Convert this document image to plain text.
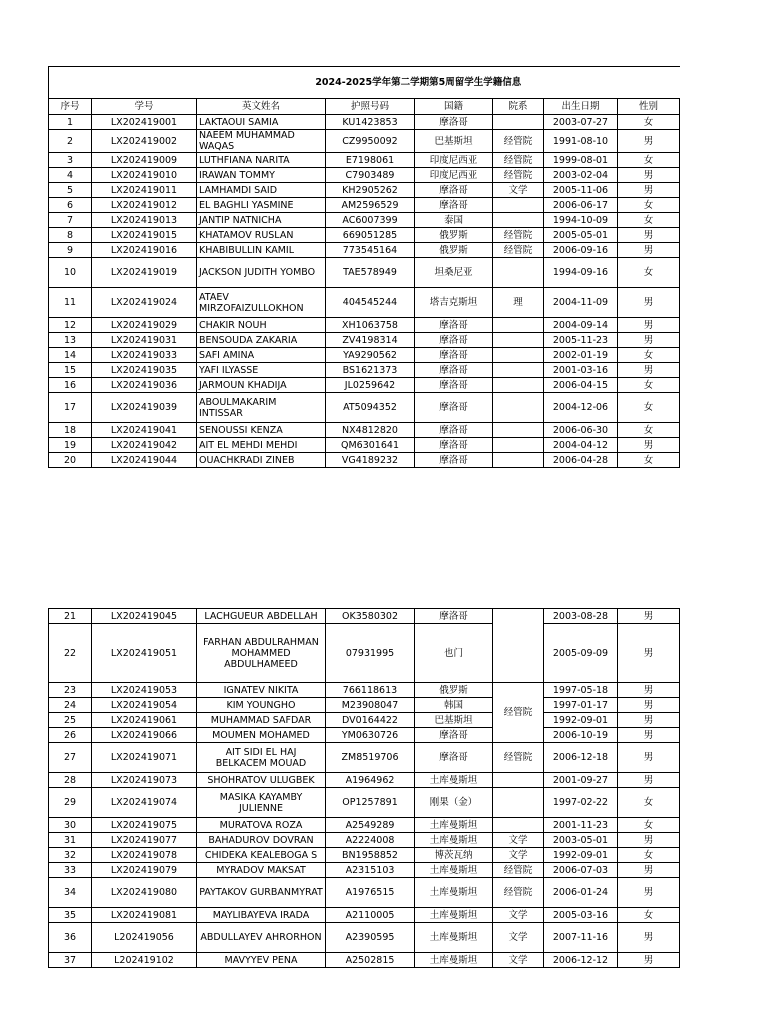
2024-2025学年第二学期第5周留学生学籍信息							
序号	学号	英文姓名	护照号码	国籍	院系	出生日期	性别
1	LX202419001	LAKTAOUI SAMIA	KU1423853	摩洛哥		2003-07-27	女
2	LX202419002	NAEEM MUHAMMAD WAQAS	CZ9950092	巴基斯坦	经管院	1991-08-10	男
3	LX202419009	LUTHFIANA NARITA	E7198061	印度尼西亚	经管院	1999-08-01	女
4	LX202419010	IRAWAN TOMMY	C7903489	印度尼西亚	经管院	2003-02-04	男
5	LX202419011	LAMHAMDI SAID	KH2905262	摩洛哥	文学	2005-11-06	男
6	LX202419012	EL BAGHLI YASMINE	AM2596529	摩洛哥		2006-06-17	女
7	LX202419013	JANTIP NATNICHA	AC6007399	泰国		1994-10-09	女
8	LX202419015	KHATAMOV RUSLAN	669051285	俄罗斯	经管院	2005-05-01	男
9	LX202419016	KHABIBULLIN KAMIL	773545164	俄罗斯	经管院	2006-09-16	男
10	LX202419019	JACKSON JUDITH YOMBO	TAE578949	坦桑尼亚		1994-09-16	女
11	LX202419024	ATAEV MIRZOFAIZULLOKHON	404545244	塔吉克斯坦	理	2004-11-09	男
12	LX202419029	CHAKIR NOUH	XH1063758	摩洛哥		2004-09-14	男
13	LX202419031	BENSOUDA ZAKARIA	ZV4198314	摩洛哥		2005-11-23	男
14	LX202419033	SAFI AMINA	YA9290562	摩洛哥		2002-01-19	女
15	LX202419035	YAFI ILYASSE	BS1621373	摩洛哥		2001-03-16	男
16	LX202419036	JARMOUN KHADIJA	JL0259642	摩洛哥		2006-04-15	女
17	LX202419039	ABOULMAKARIM INTISSAR	AT5094352	摩洛哥		2004-12-06	女
18	LX202419041	SENOUSSI KENZA	NX4812820	摩洛哥		2006-06-30	女
19	LX202419042	AIT EL MEHDI MEHDI	QM6301641	摩洛哥		2004-04-12	男
20	LX202419044	OUACHKRADI ZINEB	VG4189232	摩洛哥		2006-04-28	女
21	LX202419045	LACHGUEUR ABDELLAH	OK3580302	摩洛哥		2003-08-28	男
22	LX202419051	FARHAN ABDULRAHMAN MOHAMMED ABDULHAMEED	07931995	也门		2005-09-09	男
23	LX202419053	IGNATEV NIKITA	766118613	俄罗斯	经管院	1997-05-18	男
24	LX202419054	KIM YOUNGHO	M23908047	韩国		1997-01-17	男
25	LX202419061	MUHAMMAD SAFDAR	DV0164422	巴基斯坦		1992-09-01	男
26	LX202419066	MOUMEN MOHAMED	YM0630726	摩洛哥		2006-10-19	男
27	LX202419071	AIT SIDI EL HAJ BELKACEM MOUAD	ZM8519706	摩洛哥	经管院	2006-12-18	男
28	LX202419073	SHOHRATOV ULUGBEK	A1964962	土库曼斯坦		2001-09-27	男
29	LX202419074	MASIKA KAYAMBY JULIENNE	OP1257891	刚果（金）		1997-02-22	女
30	LX202419075	MURATOVA ROZA	A2549289	土库曼斯坦		2001-11-23	女
31	LX202419077	BAHADUROV DOVRAN	A2224008	土库曼斯坦	文学	2003-05-01	男
32	LX202419078	CHIDEKA KEALEBOGA S	BN1958852	博茨瓦纳	文学	1992-09-01	女
33	LX202419079	MYRADOV MAKSAT	A2315103	土库曼斯坦	经管院	2006-07-03	男
34	LX202419080	PAYTAKOV GURBANMYRAT	A1976515	土库曼斯坦	经管院	2006-01-24	男
35	LX202419081	MAYLIBAYEVA IRADA	A2110005	土库曼斯坦	文学	2005-03-16	女
36	L202419056	ABDULLAYEV AHRORHON	A2390595	土库曼斯坦	文学	2007-11-16	男
37	L202419102	MAVYYEV PENA	A2502815	土库曼斯坦	文学	2006-12-12	男
